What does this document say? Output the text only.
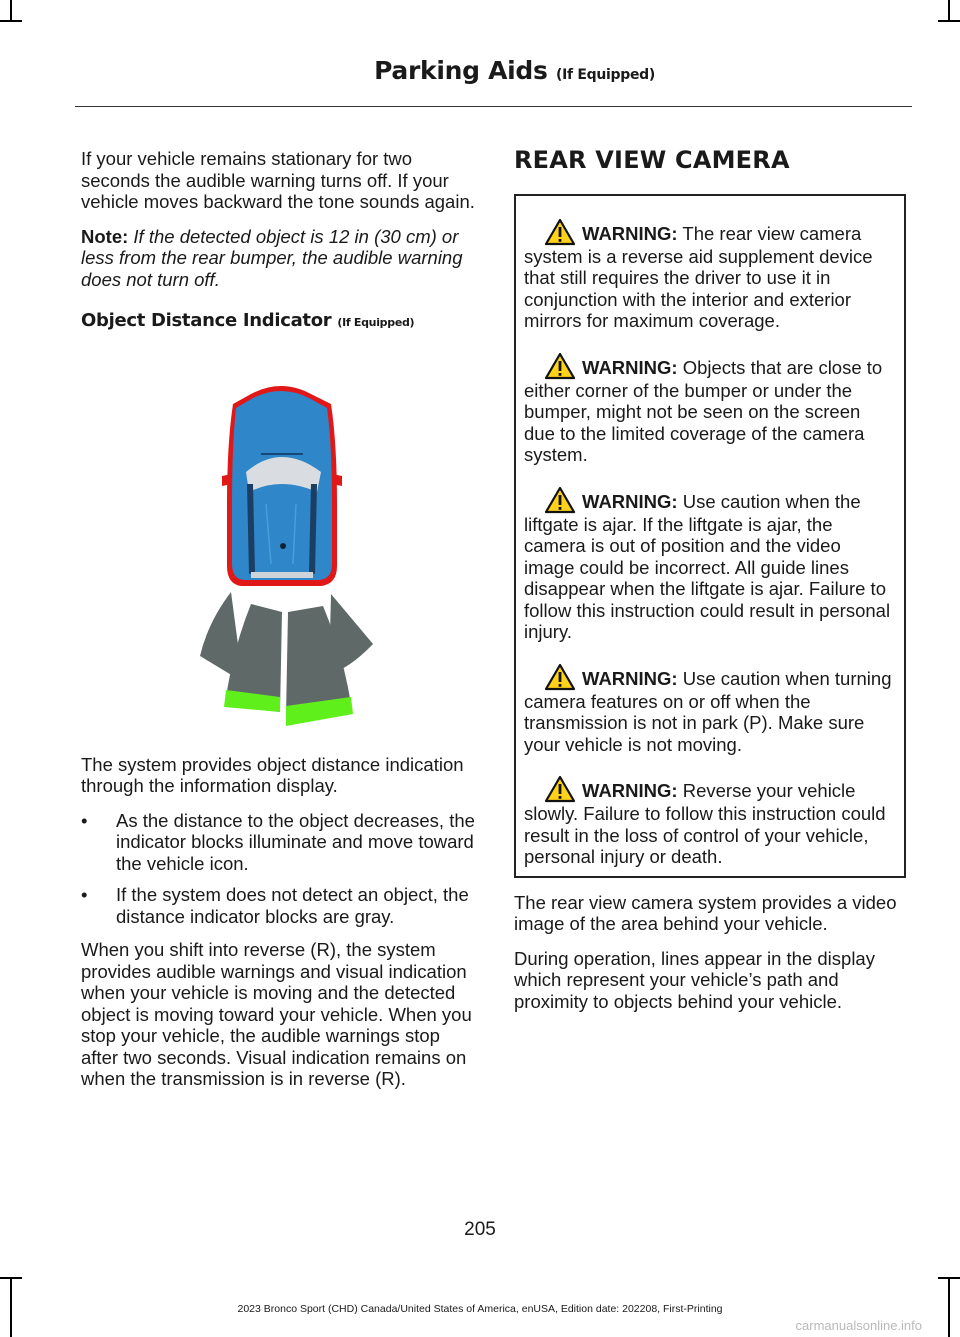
Parking Aids (If Equipped)

If your vehicle remains stationary for two seconds the audible warning turns off. If your vehicle moves backward the tone sounds again.

Note: If the detected object is 12 in (30 cm) or less from the rear bumper, the audible warning does not turn off.

Object Distance Indicator (If Equipped)

The system provides object distance indication through the information display.

• As the distance to the object decreases, the indicator blocks illuminate and move toward the vehicle icon.
• If the system does not detect an object, the distance indicator blocks are gray.

When you shift into reverse (R), the system provides audible warnings and visual indication when your vehicle is moving and the detected object is moving toward your vehicle. When you stop your vehicle, the audible warnings stop after two seconds. Visual indication remains on when the transmission is in reverse (R).

REAR VIEW CAMERA
WARNING: The rear view camera system is a reverse aid supplement device that still requires the driver to use it in conjunction with the interior and exterior mirrors for maximum coverage.
WARNING: Objects that are close to either corner of the bumper or under the bumper, might not be seen on the screen due to the limited coverage of the camera system.
WARNING: Use caution when the liftgate is ajar. If the liftgate is ajar, the camera is out of position and the video image could be incorrect. All guide lines disappear when the liftgate is ajar. Failure to follow this instruction could result in personal injury.
WARNING: Use caution when turning camera features on or off when the transmission is not in park (P). Make sure your vehicle is not moving.
WARNING: Reverse your vehicle slowly. Failure to follow this instruction could result in the loss of control of your vehicle, personal injury or death.

The rear view camera system provides a video image of the area behind your vehicle.

During operation, lines appear in the display which represent your vehicle’s path and proximity to objects behind your vehicle.

205
2023 Bronco Sport (CHD) Canada/United States of America, enUSA, Edition date: 202208, First-Printing
carmanualsonline.info
